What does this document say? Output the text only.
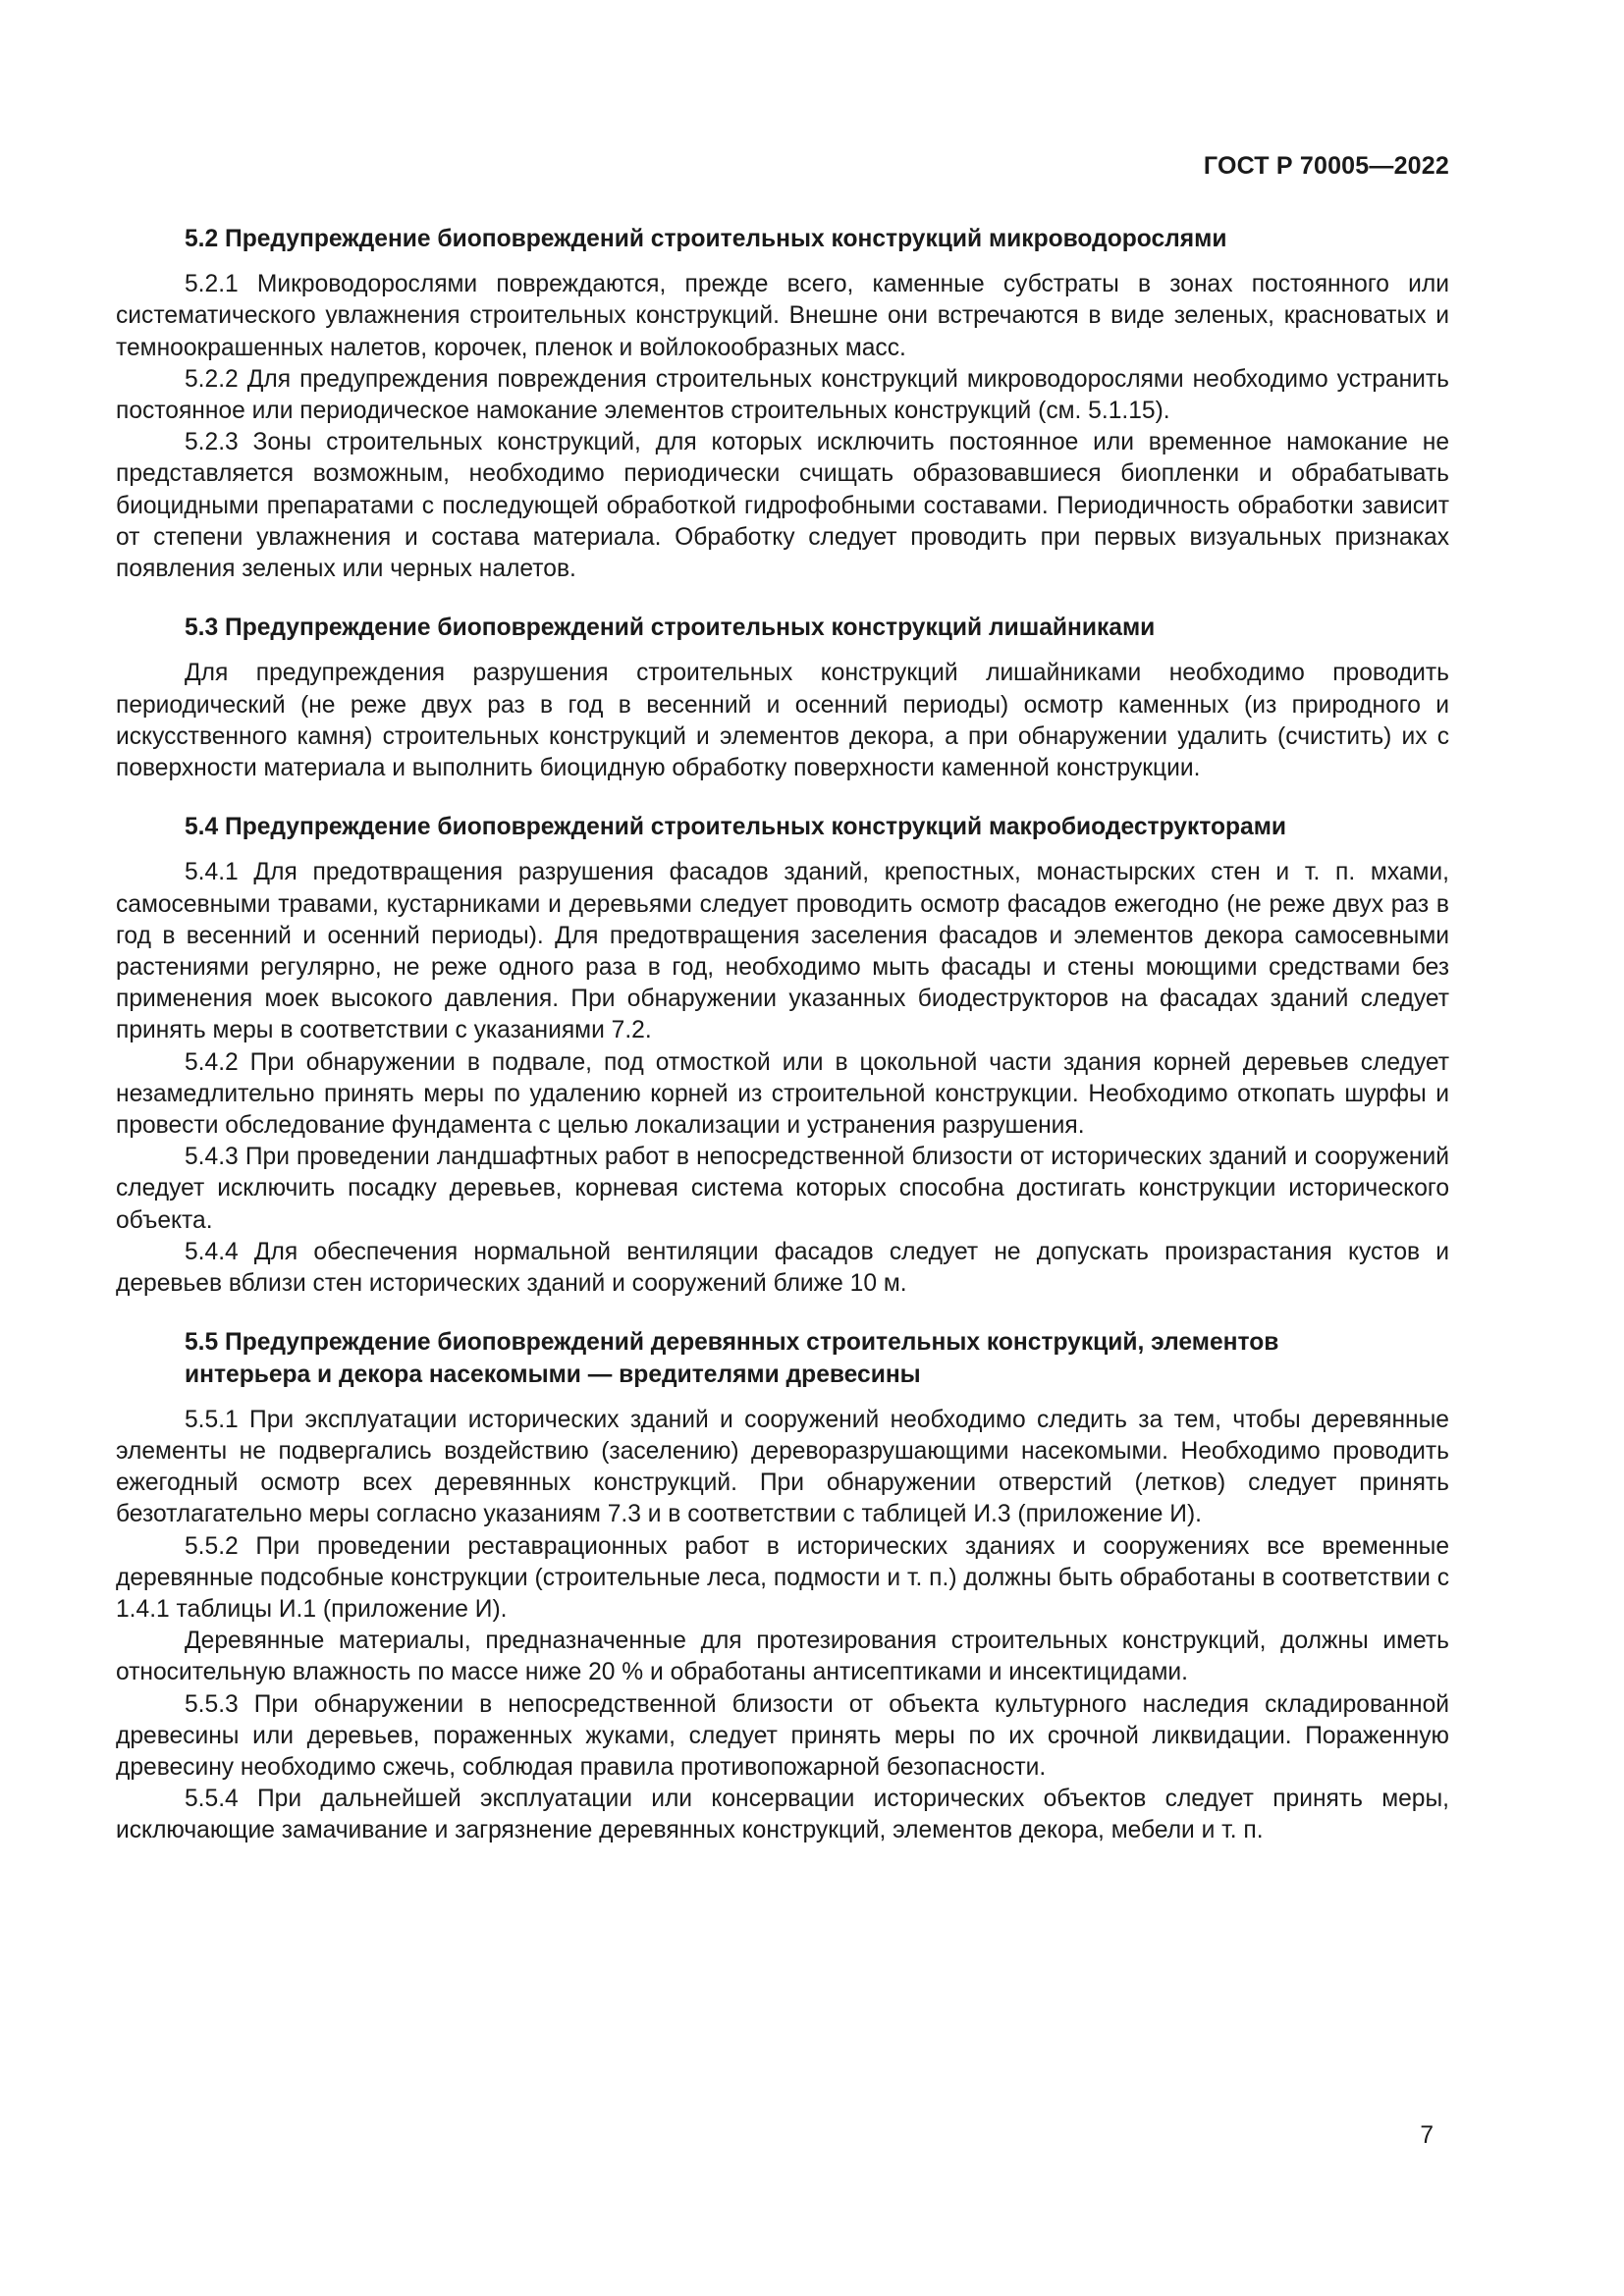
ГОСТ Р 70005—2022
5.2 Предупреждение биоповреждений строительных конструкций микроводорослями

5.2.1 Микроводорослями повреждаются, прежде всего, каменные субстраты в зонах постоянного или систематического увлажнения строительных конструкций. Внешне они встречаются в виде зеленых, красноватых и темноокрашенных налетов, корочек, пленок и войлокообразных масс.

5.2.2 Для предупреждения повреждения строительных конструкций микроводорослями необходимо устранить постоянное или периодическое намокание элементов строительных конструкций (см. 5.1.15).

5.2.3 Зоны строительных конструкций, для которых исключить постоянное или временное намокание не представляется возможным, необходимо периодически счищать образовавшиеся биопленки и обрабатывать биоцидными препаратами с последующей обработкой гидрофобными составами. Периодичность обработки зависит от степени увлажнения и состава материала. Обработку следует проводить при первых визуальных признаках появления зеленых или черных налетов.

5.3 Предупреждение биоповреждений строительных конструкций лишайниками

Для предупреждения разрушения строительных конструкций лишайниками необходимо проводить периодический (не реже двух раз в год в весенний и осенний периоды) осмотр каменных (из природного и искусственного камня) строительных конструкций и элементов декора, а при обнаружении удалить (счистить) их с поверхности материала и выполнить биоцидную обработку поверхности каменной конструкции.

5.4 Предупреждение биоповреждений строительных конструкций макробиодеструкторами

5.4.1 Для предотвращения разрушения фасадов зданий, крепостных, монастырских стен и т. п. мхами, самосевными травами, кустарниками и деревьями следует проводить осмотр фасадов ежегодно (не реже двух раз в год в весенний и осенний периоды). Для предотвращения заселения фасадов и элементов декора самосевными растениями регулярно, не реже одного раза в год, необходимо мыть фасады и стены моющими средствами без применения моек высокого давления. При обнаружении указанных биодеструкторов на фасадах зданий следует принять меры в соответствии с указаниями 7.2.

5.4.2 При обнаружении в подвале, под отмосткой или в цокольной части здания корней деревьев следует незамедлительно принять меры по удалению корней из строительной конструкции. Необходимо откопать шурфы и провести обследование фундамента с целью локализации и устранения разрушения.

5.4.3 При проведении ландшафтных работ в непосредственной близости от исторических зданий и сооружений следует исключить посадку деревьев, корневая система которых способна достигать конструкции исторического объекта.

5.4.4 Для обеспечения нормальной вентиляции фасадов следует не допускать произрастания кустов и деревьев вблизи стен исторических зданий и сооружений ближе 10 м.

5.5 Предупреждение биоповреждений деревянных строительных конструкций, элементов
интерьера и декора насекомыми — вредителями древесины

5.5.1 При эксплуатации исторических зданий и сооружений необходимо следить за тем, чтобы деревянные элементы не подвергались воздействию (заселению) дереворазрушающими насекомыми. Необходимо проводить ежегодный осмотр всех деревянных конструкций. При обнаружении отверстий (летков) следует принять безотлагательно меры согласно указаниям 7.3 и в соответствии с таблицей И.3 (приложение И).

5.5.2 При проведении реставрационных работ в исторических зданиях и сооружениях все временные деревянные подсобные конструкции (строительные леса, подмости и т. п.) должны быть обработаны в соответствии с 1.4.1 таблицы И.1 (приложение И).

Деревянные материалы, предназначенные для протезирования строительных конструкций, должны иметь относительную влажность по массе ниже 20 % и обработаны антисептиками и инсектицидами.

5.5.3 При обнаружении в непосредственной близости от объекта культурного наследия складированной древесины или деревьев, пораженных жуками, следует принять меры по их срочной ликвидации. Пораженную древесину необходимо сжечь, соблюдая правила противопожарной безопасности.

5.5.4 При дальнейшей эксплуатации или консервации исторических объектов следует принять меры, исключающие замачивание и загрязнение деревянных конструкций, элементов декора, мебели и т. п.

7
